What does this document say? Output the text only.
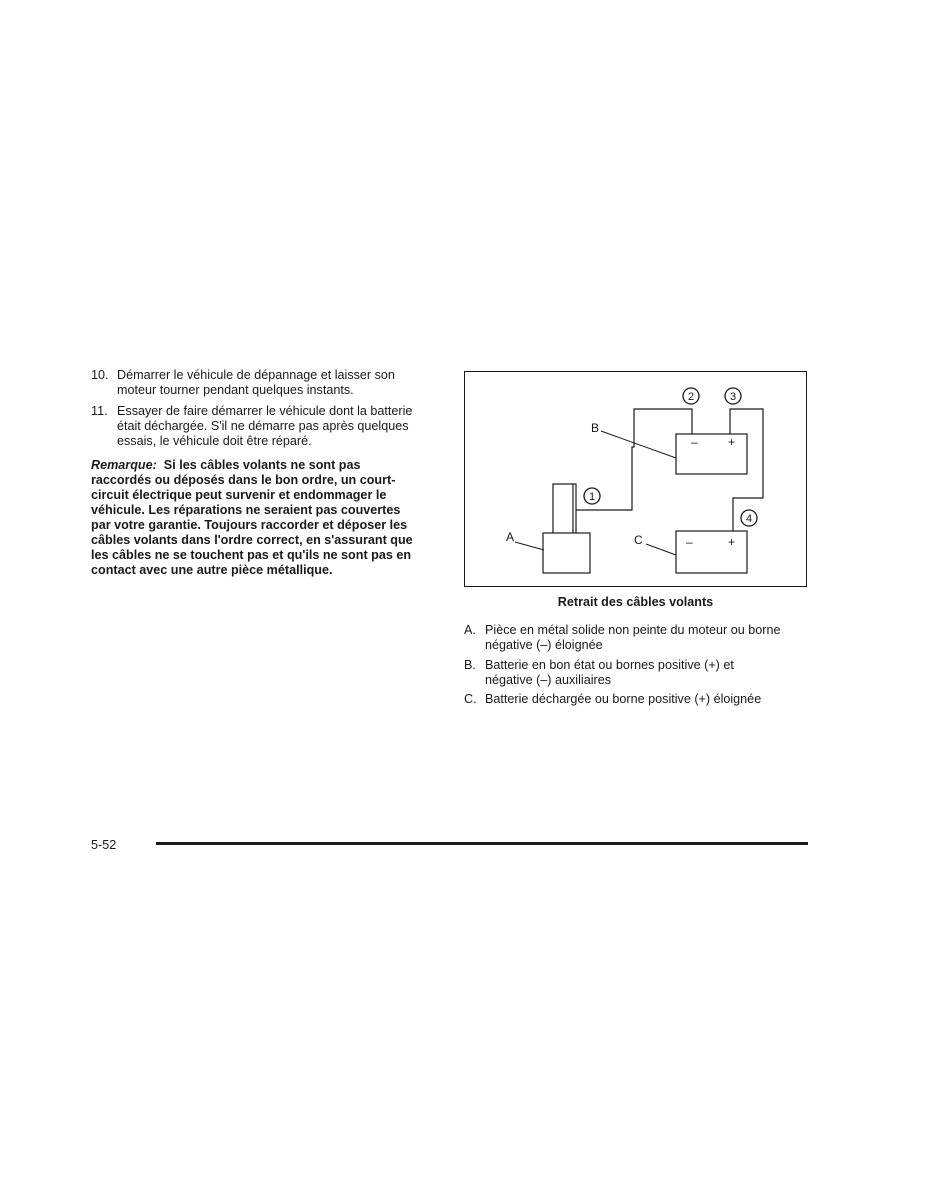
10. Démarrer le véhicule de dépannage et laisser son moteur tourner pendant quelques instants.
11. Essayer de faire démarrer le véhicule dont la batterie était déchargée. S'il ne démarre pas après quelques essais, le véhicule doit être réparé.
Remarque: Si les câbles volants ne sont pas raccordés ou déposés dans le bon ordre, un court-circuit électrique peut survenir et endommager le véhicule. Les réparations ne seraient pas couvertes par votre garantie. Toujours raccorder et déposer les câbles volants dans l'ordre correct, en s'assurant que les câbles ne se touchent pas et qu'ils ne sont pas en contact avec une autre pièce métallique.
–	+
–	+
A
B
C
1
2	3
4
Retrait des câbles volants
A. Pièce en métal solide non peinte du moteur ou borne négative (–) éloignée
B. Batterie en bon état ou bornes positive (+) et négative (–) auxiliaires
C. Batterie déchargée ou borne positive (+) éloignée
5-52
